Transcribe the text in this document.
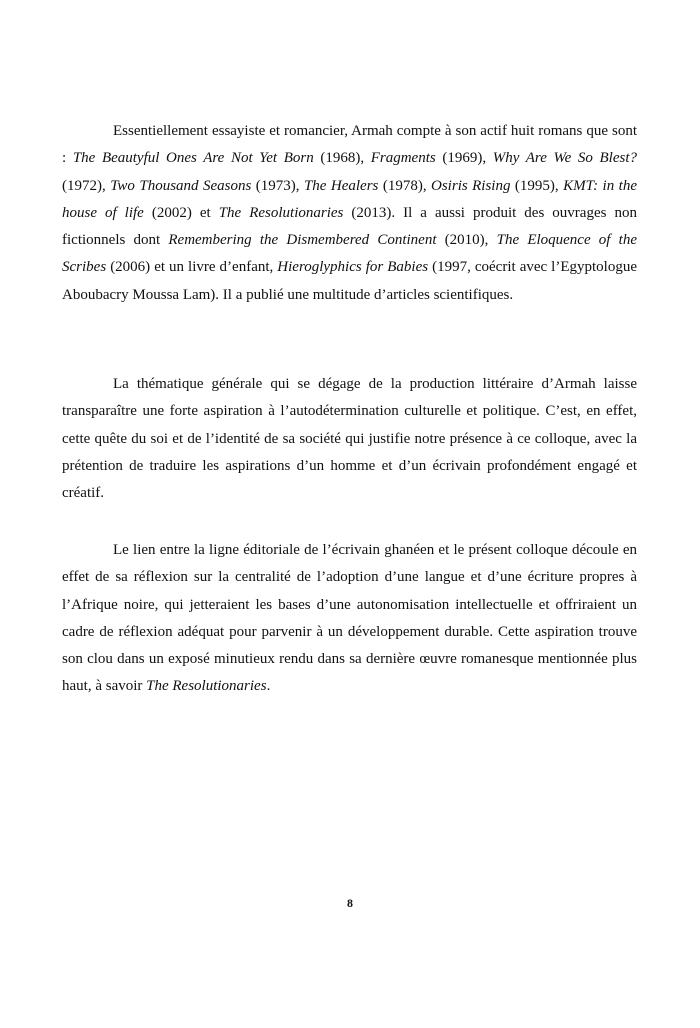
Essentiellement essayiste et romancier, Armah compte à son actif huit romans que sont : The Beautyful Ones Are Not Yet Born (1968), Fragments (1969), Why Are We So Blest? (1972), Two Thousand Seasons (1973), The Healers (1978), Osiris Rising (1995), KMT: in the house of life (2002) et The Resolutionaries (2013). Il a aussi produit des ouvrages non fictionnels dont Remembering the Dismembered Continent (2010), The Eloquence of the Scribes (2006) et un livre d’enfant, Hieroglyphics for Babies (1997, coécrit avec l’Egyptologue Aboubacry Moussa Lam). Il a publié une multitude d’articles scientifiques.

La thématique générale qui se dégage de la production littéraire d’Armah laisse transparaître une forte aspiration à l’autodétermination culturelle et politique. C’est, en effet, cette quête du soi et de l’identité de sa société qui justifie notre présence à ce colloque, avec la prétention de traduire les aspirations d’un homme et d’un écrivain profondément engagé et créatif.

Le lien entre la ligne éditoriale de l’écrivain ghanéen et le présent colloque découle en effet de sa réflexion sur la centralité de l’adoption d’une langue et d’une écriture propres à l’Afrique noire, qui jetteraient les bases d’une autonomisation intellectuelle et offriraient un cadre de réflexion adéquat pour parvenir à un développement durable. Cette aspiration trouve son clou dans un exposé minutieux rendu dans sa dernière œuvre romanesque mentionnée plus haut, à savoir The Resolutionaries.

8
